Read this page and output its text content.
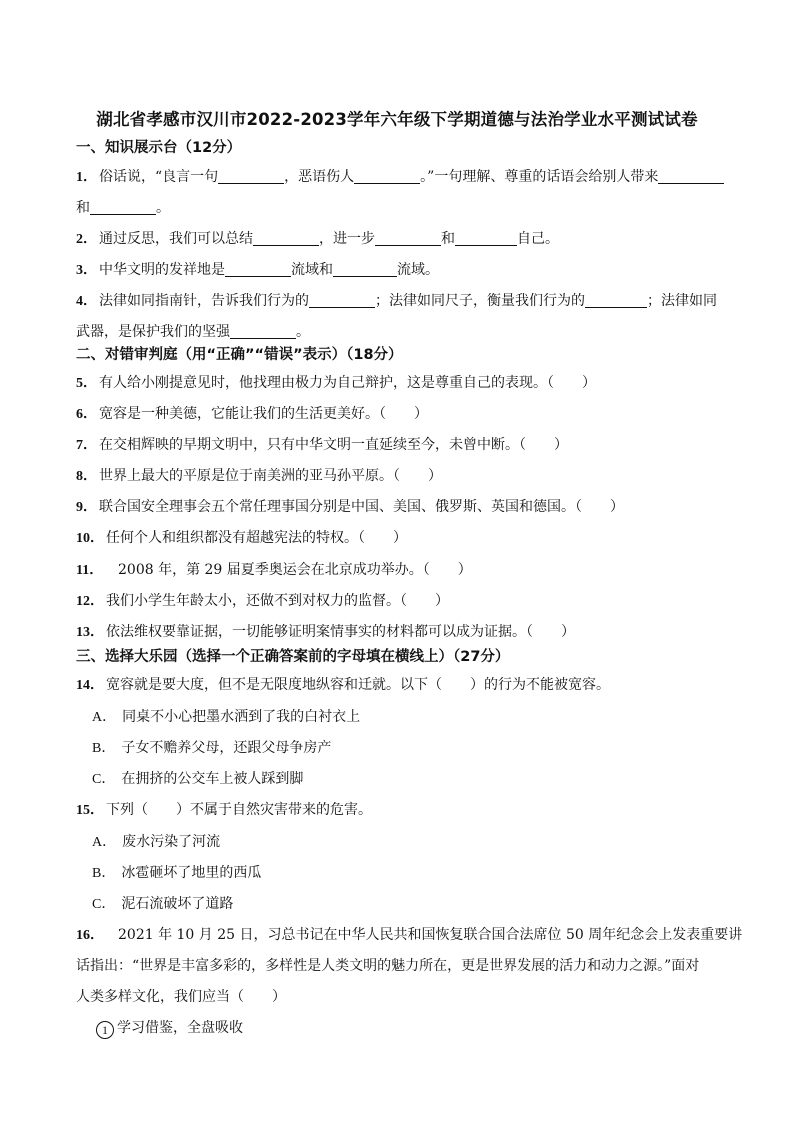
湖北省孝感市汉川市2022-2023学年六年级下学期道德与法治学业水平测试试卷
一、知识展示台（12分）
1． 俗话说，“良言一句	，恶语伤人	。”一句理解、尊重的话语会给别人带来
和	。
2． 通过反思，我们可以总结	，进一步	和	自己。
3． 中华文明的发祥地是	流域和	流域。
4． 法律如同指南针，告诉我们行为的	；法律如同尺子，衡量我们行为的	；法律如同
武器，是保护我们的坚强	。
二、对错审判庭（用“正确”“错误”表示）（18分）
5． 有人给小刚提意见时，他找理由极力为自己辩护，这是尊重自己的表现。（ ）
6． 宽容是一种美德，它能让我们的生活更美好。（ ）
7． 在交相辉映的早期文明中，只有中华文明一直延续至今，未曾中断。（ ）
8． 世界上最大的平原是位于南美洲的亚马孙平原。（ ）
9． 联合国安全理事会五个常任理事国分别是中国、美国、俄罗斯、英国和德国。（ ）
10． 任何个人和组织都没有超越宪法的特权。（ ）
11． 2008 年，第 29 届夏季奥运会在北京成功举办。（ ）
12． 我们小学生年龄太小，还做不到对权力的监督。（ ）
13． 依法维权要靠证据，一切能够证明案情事实的材料都可以成为证据。（ ）
三、选择大乐园（选择一个正确答案前的字母填在横线上）（27分）
14． 宽容就是要大度，但不是无限度地纵容和迁就。以下（ ）的行为不能被宽容。
A． 同桌不小心把墨水洒到了我的白衬衣上
B． 子女不赡养父母，还跟父母争房产
C． 在拥挤的公交车上被人踩到脚
15． 下列（ ）不属于自然灾害带来的危害。
A． 废水污染了河流
B． 冰雹砸坏了地里的西瓜
C． 泥石流破坏了道路
16． 2021 年 10 月 25 日，习总书记在中华人民共和国恢复联合国合法席位 50 周年纪念会上发表重要讲
话指出：“世界是丰富多彩的，多样性是人类文明的魅力所在，更是世界发展的活力和动力之源。”面对
人类多样文化，我们应当（ ）
1 学习借鉴，全盘吸收
